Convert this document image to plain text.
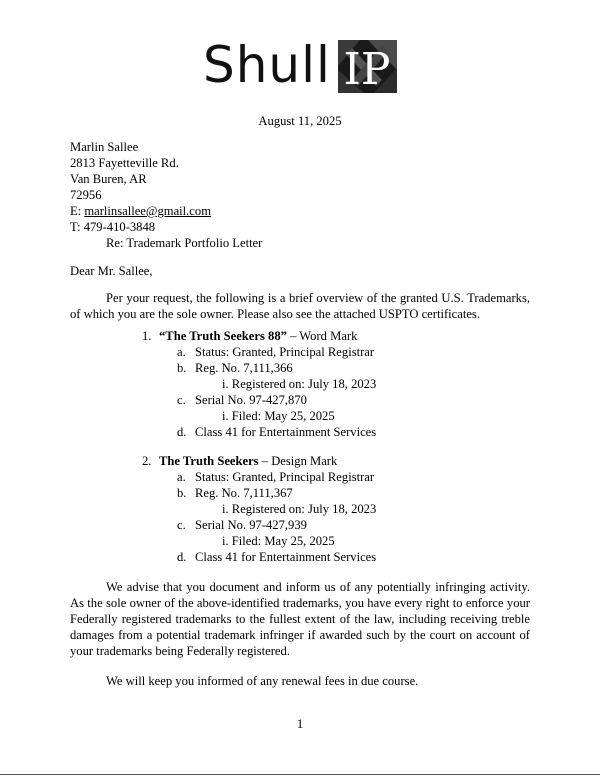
Shull IP
August 11, 2025
Marlin Sallee
2813 Fayetteville Rd.
Van Buren, AR
72956
E: marlinsallee@gmail.com
T: 479-410-3848
Re: Trademark Portfolio Letter
Dear Mr. Sallee,
Per your request, the following is a brief overview of the granted U.S. Trademarks, of which you are the sole owner. Please also see the attached USPTO certificates.
1. “The Truth Seekers 88” – Word Mark
a. Status: Granted, Principal Registrar
b. Reg. No. 7,111,366
i. Registered on: July 18, 2023
c. Serial No. 97-427,870
i. Filed: May 25, 2025
d. Class 41 for Entertainment Services
2. The Truth Seekers – Design Mark
a. Status: Granted, Principal Registrar
b. Reg. No. 7,111,367
i. Registered on: July 18, 2023
c. Serial No. 97-427,939
i. Filed: May 25, 2025
d. Class 41 for Entertainment Services
We advise that you document and inform us of any potentially infringing activity. As the sole owner of the above-identified trademarks, you have every right to enforce your Federally registered trademarks to the fullest extent of the law, including receiving treble damages from a potential trademark infringer if awarded such by the court on account of your trademarks being Federally registered.
We will keep you informed of any renewal fees in due course.
1
